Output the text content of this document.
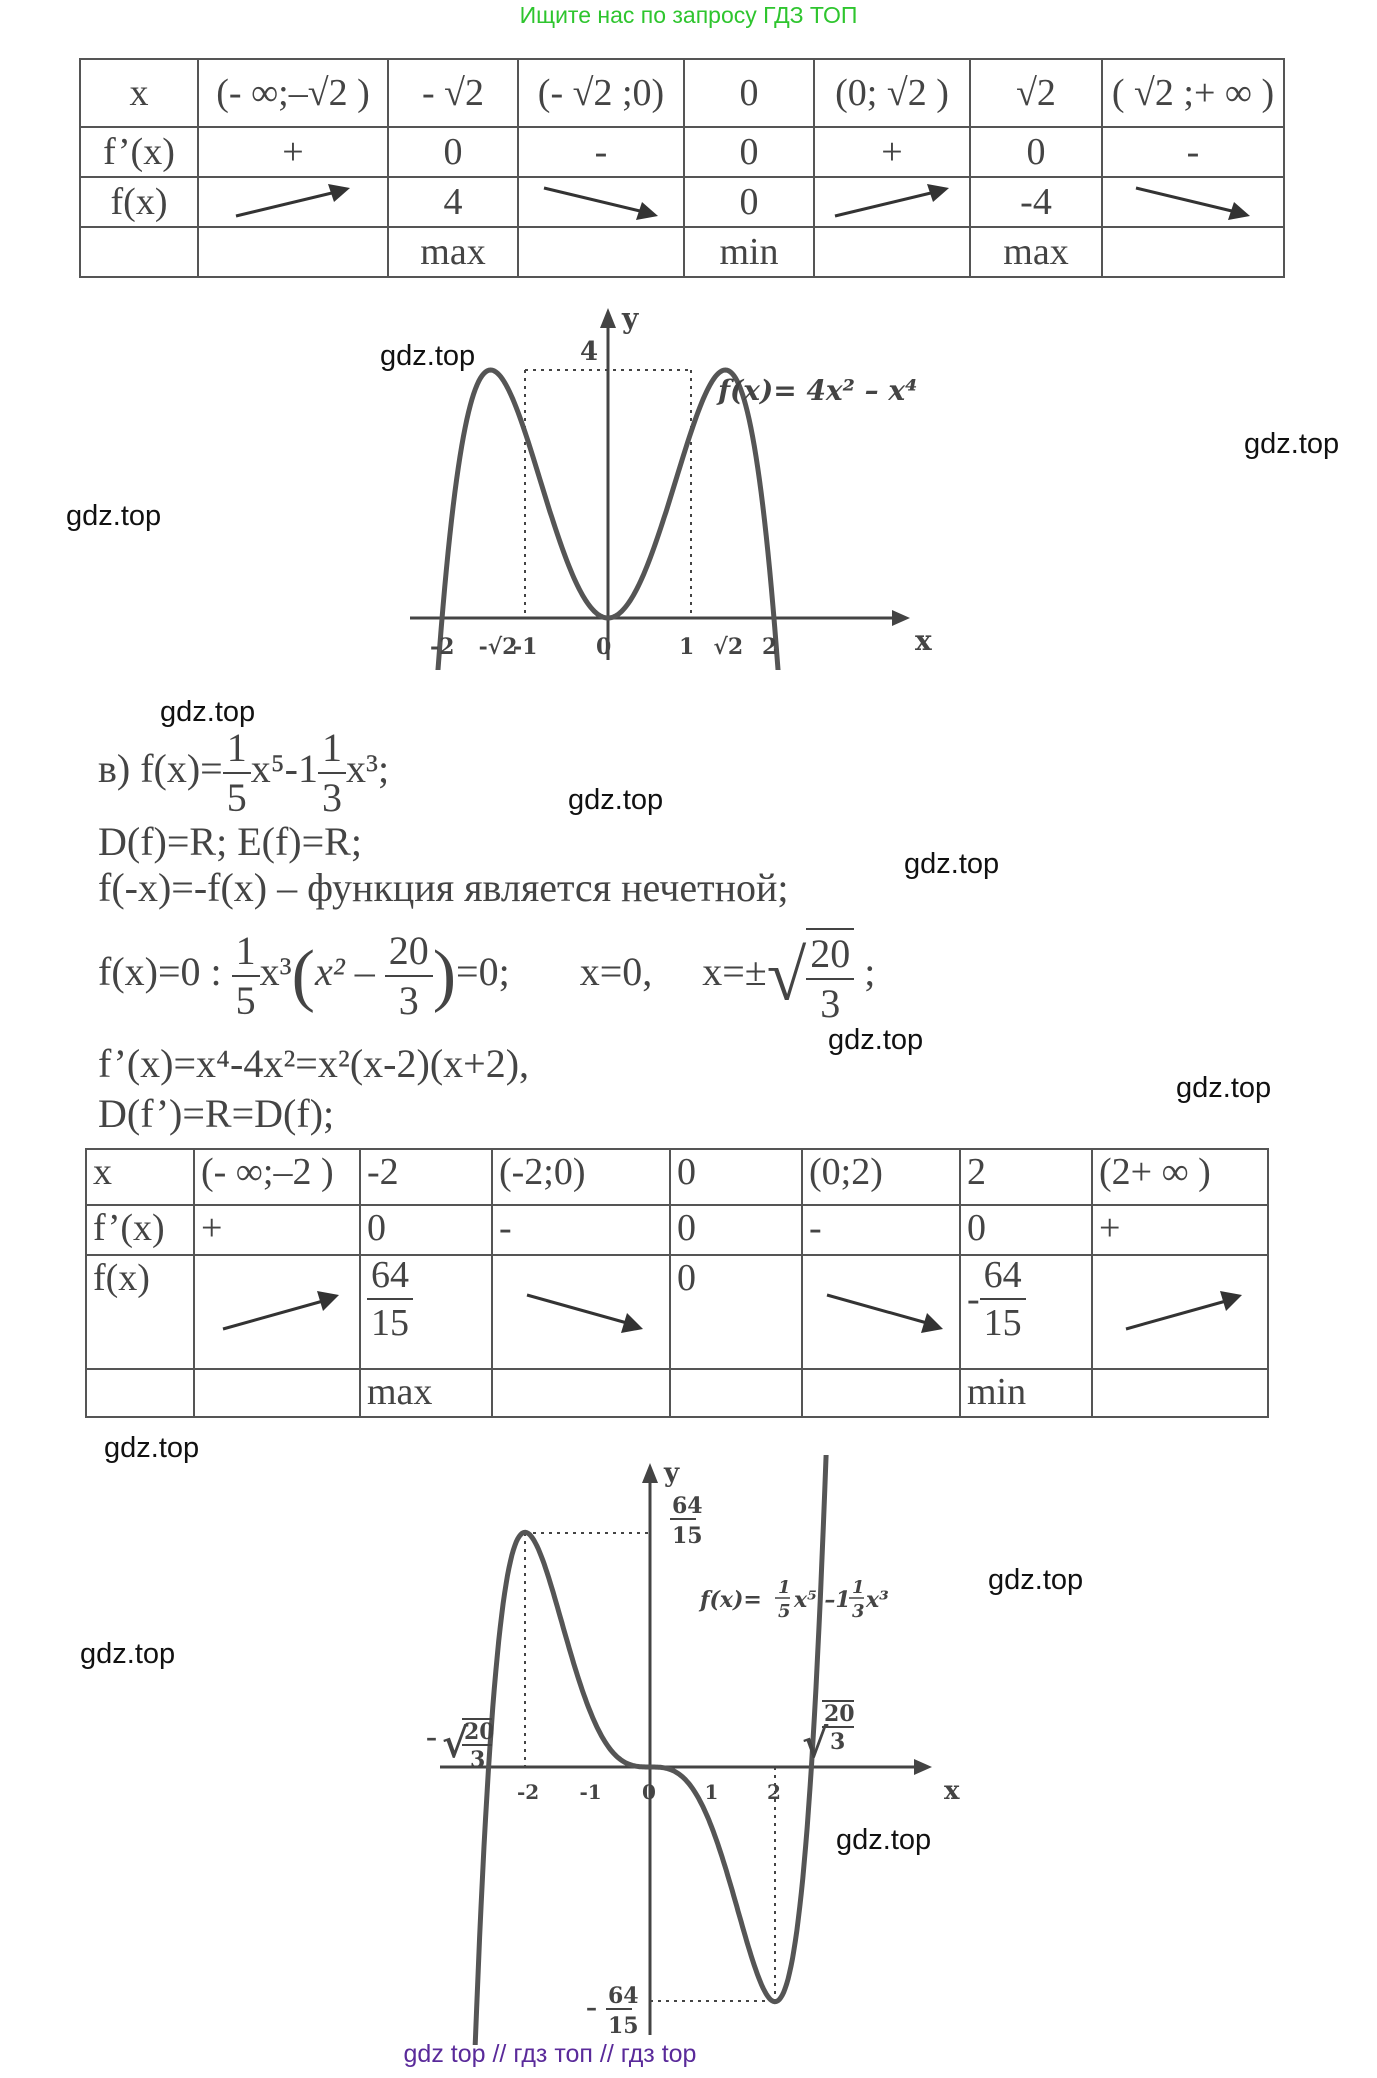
Ищите нас по запросу ГДЗ ТОП
x	(- ∞;–√2 )	- √2	(- √2 ;0)	0	(0; √2 )	√2	( √2 ;+ ∞ )
f’(x)	+	0	-	0	+	0	-
f(x)		4		0		-4	

		max		min		max	
y
x
4
f(x)= 4x² – x⁴
-2 -√2
-1	0	1 √2 2
в) $f(x)= \frac{1}{5} x^5-1 \frac{1}{3} x^3$;
D(f)=R; E(f)=R;
f(-x)=-f(x) – функция является нечетной;
f(x)=0 : $\frac{1}{5} x^3(x^2 - \frac{20}{3} )=0$; x=0, $x=\pm√ \frac{20}{3}$ ;
f’(x)=x⁴-4x²=x²(x-2)(x+2),
D(f’)=R=D(f);
x	(- ∞;–2 )	-2	(-2;0)	0	(0;2)	2	(2+ ∞ )
f’(x)	+	0	-	0	-	0	+
f(x)		$\frac{64}{15}$		0		- $\frac{64}{15}$

		max				min	
y
x
64
15
– 64
15
f(x)= 1
5 x⁵ –1 1
3 x³
– √
20
3	√
20
3
-2 -1 0 1 2
gdz.top
gdz.top
gdz.top
gdz.top
gdz.top
gdz.top
gdz.top
gdz.top
gdz.top
gdz.top
gdz.top
gdz.top
gdz top // гдз топ // гдз top
